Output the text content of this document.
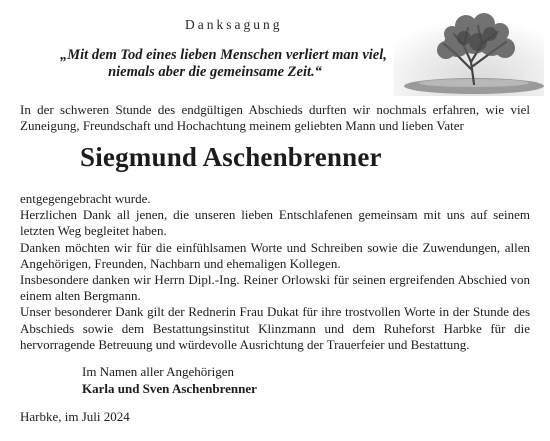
Danksagung
„Mit dem Tod eines lieben Menschen verliert man viel,
niemals aber die gemeinsame Zeit.“

In der schweren Stunde des endgültigen Abschieds durften wir nochmals erfahren, wie viel Zuneigung, Freundschaft und Hochachtung meinem geliebten Mann und lieben Vater

Siegmund Aschenbrenner

entgegengebracht wurde.

Herzlichen Dank all jenen, die unseren lieben Entschlafenen gemeinsam mit uns auf seinem letzten Weg begleitet haben.

Danken möchten wir für die einfühlsamen Worte und Schreiben sowie die Zuwendungen, allen Angehörigen, Freunden, Nachbarn und ehemaligen Kollegen.

Insbesondere danken wir Herrn Dipl.-Ing. Reiner Orlowski für seinen ergreifenden Abschied von einem alten Bergmann.

Unser besonderer Dank gilt der Rednerin Frau Dukat für ihre trostvollen Worte in der Stunde des Abschieds sowie dem Bestattungsinstitut Klinzmann und dem Ruheforst Harbke für die hervorragende Betreuung und würdevolle Ausrichtung der Trauerfeier und Bestattung.

Im Namen aller Angehörigen
Karla und Sven Aschenbrenner
Harbke, im Juli 2024
